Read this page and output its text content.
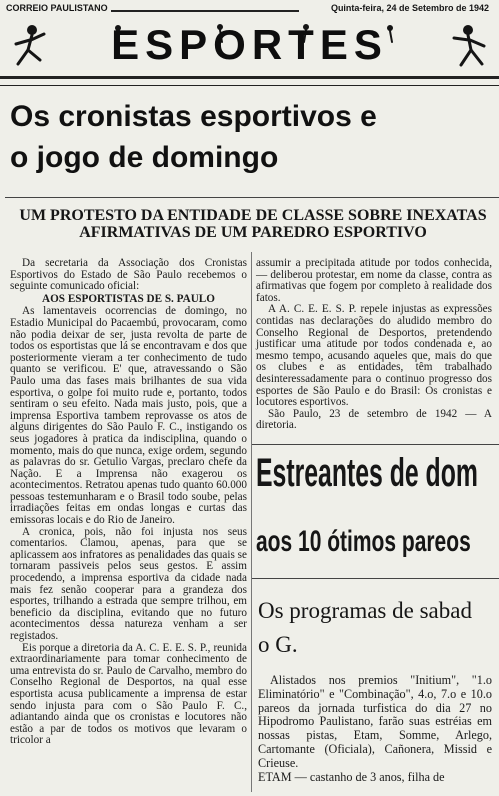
CORREIO PAULISTANO	Quinta-feira, 24 de Setembro de 1942
ESPORTES
Os cronistas esportivos e
o jogo de domingo
UM PROTESTO DA ENTIDADE DE CLASSE SOBRE INEXATAS
AFIRMATIVAS DE UM PAREDRO ESPORTIVO

Da secretaria da Associação dos Cronistas Esportivos do Estado de São Paulo recebemos o seguinte comunicado oficial:

AOS ESPORTISTAS DE S. PAULO

As lamentaveis ocorrencias de domingo, no Estadio Municipal do Pacaembú, provocaram, como não podia deixar de ser, justa revolta de parte de todos os esportistas que lá se encontravam e dos que posteriormente vieram a ter conhecimento de tudo quanto se verificou. E' que, atravessando o São Paulo uma das fases mais brilhantes de sua vida esportiva, o golpe foi muito rude e, portanto, todos sentiram o seu efeito. Nada mais justo, pois, que a imprensa Esportiva tambem reprovasse os atos de alguns dirigentes do São Paulo F. C., instigando os seus jogadores à pratica da indisciplina, quando o momento, mais do que nunca, exige ordem, segundo as palavras do sr. Getulio Vargas, preclaro chefe da Nação. E a Imprensa não exagerou os acontecimentos. Retratou apenas tudo quanto 60.000 pessoas testemunharam e o Brasil todo soube, pelas irradiações feitas em ondas longas e curtas das emissoras locais e do Rio de Janeiro.

A cronica, pois, não foi injusta nos seus comentarios. Clamou, apenas, para que se aplicassem aos infratores as penalidades das quais se tornaram passiveis pelos seus gestos. E assim procedendo, a imprensa esportiva da cidade nada mais fez senão cooperar para a grandeza dos esportes, trilhando a estrada que sempre trilhou, em beneficio da disciplina, evitando que no futuro acontecimentos dessa natureza venham a ser registados.

Eis porque a diretoria da A. C. E. E. S. P., reunida extraordinariamente para tomar conhecimento de uma entrevista do sr. Paulo de Carvalho, membro do Conselho Regional de Desportos, na qual esse esportista acusa publicamente a imprensa de estar sendo injusta para com o São Paulo F. C., adiantando ainda que os cronistas e locutores não estão a par de todos os motivos que levaram o tricolor a

assumir a precipitada atitude por todos conhecida, — deliberou protestar, em nome da classe, contra as afirmativas que fogem por completo à realidade dos fatos.

A A. C. E. E. S. P. repele injustas as expressões contidas nas declarações do aludido membro do Conselho Regional de Desportos, pretendendo justificar uma atitude por todos condenada e, ao mesmo tempo, acusando aqueles que, mais do que os clubes e as entidades, têm trabalhado desinteressadamente para o continuo progresso dos esportes de São Paulo e do Brasil: Os cronistas e locutores esportivos.

São Paulo, 23 de setembro de 1942 — A diretoria.

Estreantes de dom
aos 10 ótimos pareos
Os programas de sabad
o G.

Alistados nos premios "Initium", "1.o Eliminatório" e "Combinação", 4.o, 7.o e 10.o pareos da jornada turfistica do dia 27 no Hipodromo Paulistano, farão suas estréias em nossas pistas, Etam, Somme, Arlego, Cartomante (Oficiala), Cañonera, Missid e Crieuse.

ETAM — castanho de 3 anos, filha de
